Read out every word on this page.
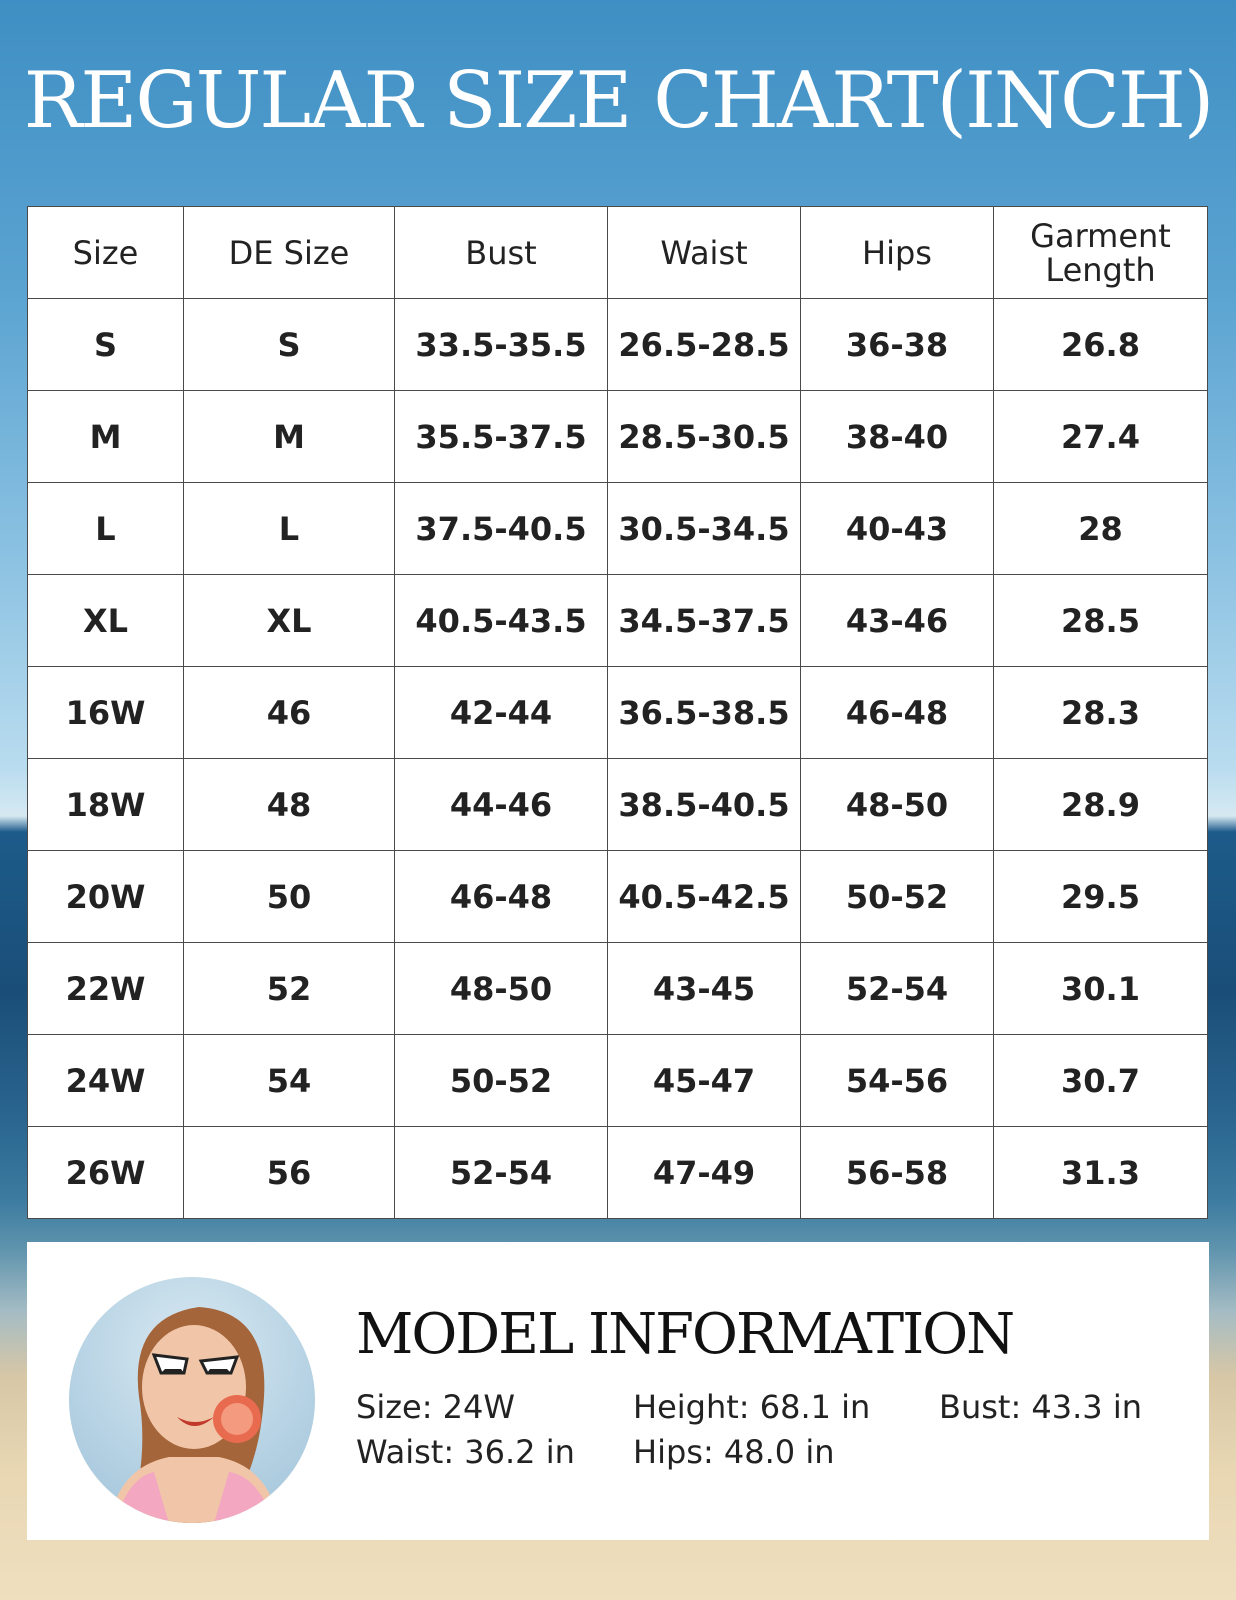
REGULAR SIZE CHART(INCH)
Size	DE Size	Bust	Waist	Hips	Garment Length
S	S	33.5-35.5	26.5-28.5	36-38	26.8
M	M	35.5-37.5	28.5-30.5	38-40	27.4
L	L	37.5-40.5	30.5-34.5	40-43	28
XL	XL	40.5-43.5	34.5-37.5	43-46	28.5
16W	46	42-44	36.5-38.5	46-48	28.3
18W	48	44-46	38.5-40.5	48-50	28.9
20W	50	46-48	40.5-42.5	50-52	29.5
22W	52	48-50	43-45	52-54	30.1
24W	54	50-52	45-47	54-56	30.7
26W	56	52-54	47-49	56-58	31.3
MODEL INFORMATION
Size: 24W	Height: 68.1 in Bust: 43.3 in
Waist: 36.2 in Hips: 48.0 in
